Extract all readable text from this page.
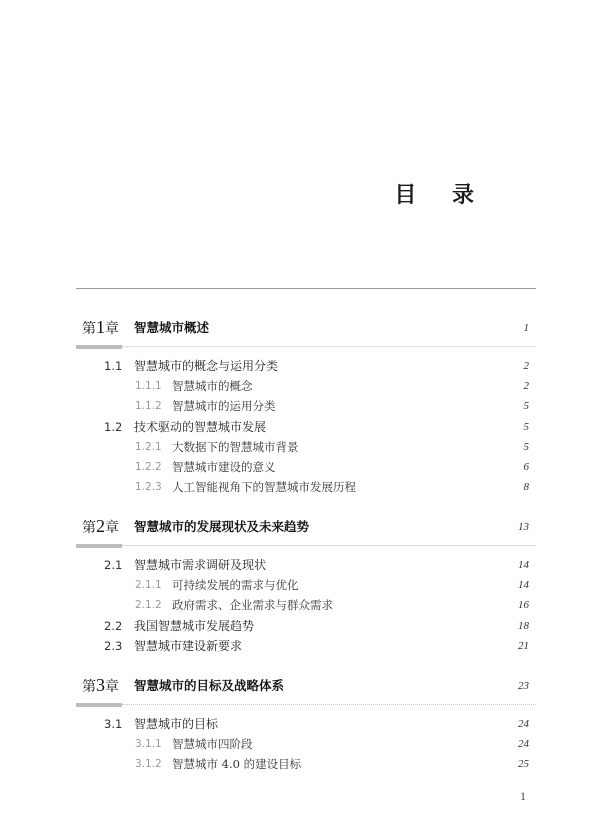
目 录
第1章 智慧城市概述	1
1.1 智慧城市的概念与运用分类	2
1.1.1 智慧城市的概念	2
1.1.2 智慧城市的运用分类	5
1.2 技术驱动的智慧城市发展	5
1.2.1 大数据下的智慧城市背景	5
1.2.2 智慧城市建设的意义	6
1.2.3 人工智能视角下的智慧城市发展历程	8
第2章 智慧城市的发展现状及未来趋势	13
2.1 智慧城市需求调研及现状	14
2.1.1 可持续发展的需求与优化	14
2.1.2 政府需求、企业需求与群众需求	16
2.2 我国智慧城市发展趋势	18
2.3 智慧城市建设新要求	21
第3章 智慧城市的目标及战略体系	23
3.1 智慧城市的目标	24
3.1.1 智慧城市四阶段	24
3.1.2 智慧城市 4.0 的建设目标	25
1
